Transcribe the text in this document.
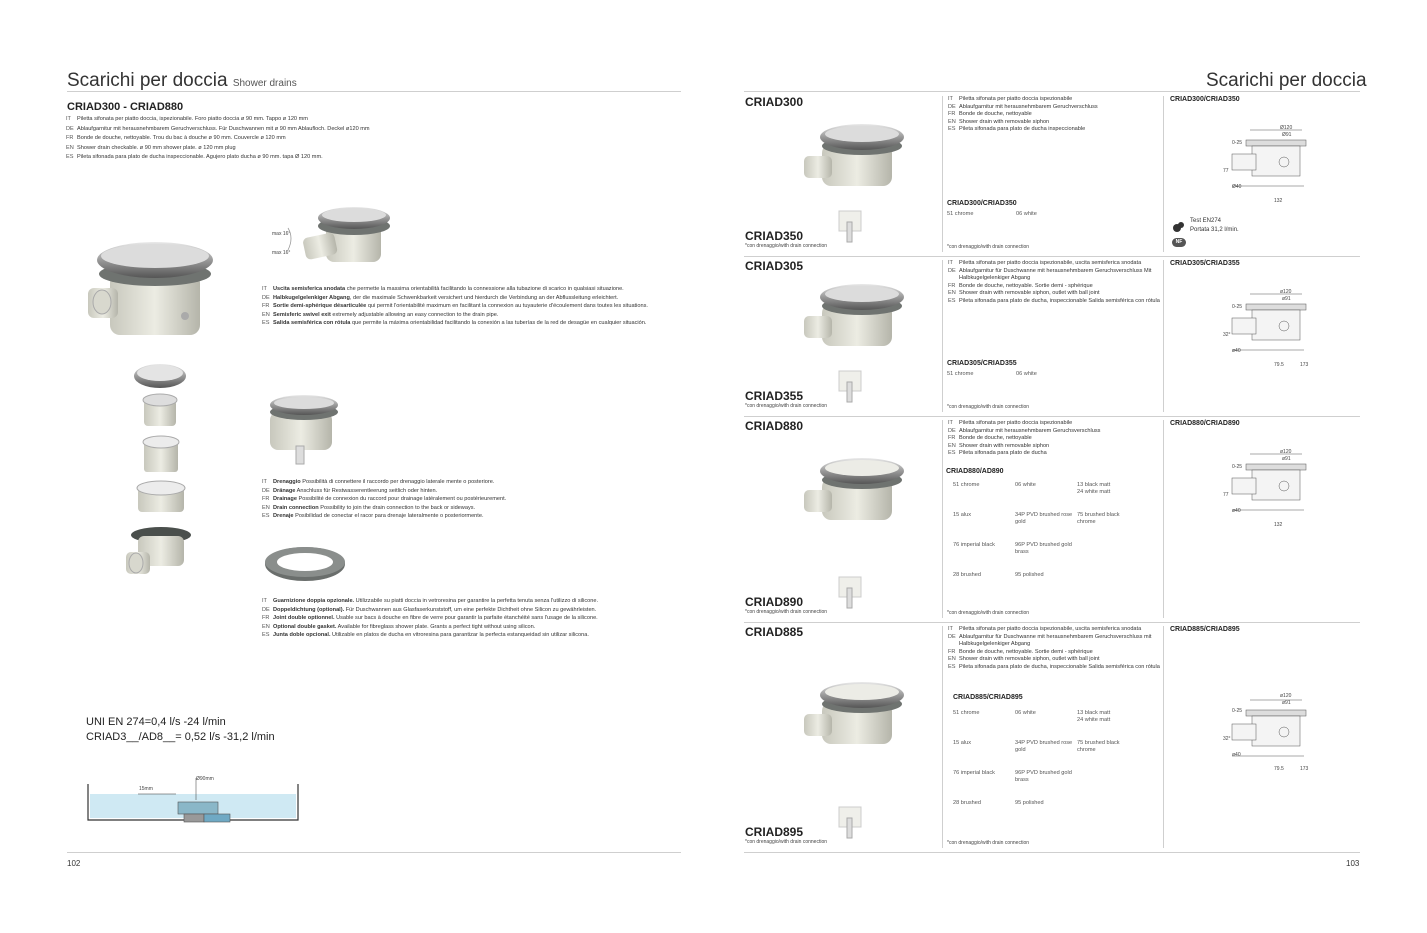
Scarichi per doccia Shower drains
CRIAD300 - CRIAD880
IT Piletta sifonata per piatto doccia, ispezionabile. Foro piatto doccia ø 90 mm. Tappo ø 120 mm
DE Ablaufgarnitur mit herausnehmbarem Geruchverschluss. Für Duschwannen mit ø 90 mm Ablaufloch. Deckel ø120 mm
FR Bonde de douche, nettoyable. Trou du bac à douche ø 90 mm. Couvercle ø 120 mm
EN Shower drain checkable. ø 90 mm shower plate. ø 120 mm plug
ES Pileta sifonada para plato de ducha inspeccionable. Agujero plato ducha ø 90 mm. tapa Ø 120 mm.
max 16°
max 16°
IT	Uscita semisferica snodata che permette la massima orientabilità facilitando la connessione alla tubazione di scarico in qualsiasi situazione.
DE Halbkugelgelenkiger Abgang, der die maximale Schwenkbarkeit versichert und hierdurch die Verbindung an der Abflussleitung erleichtert.
FR Sortie demi-sphérique désarticulée qui permit l'orientabilité maximum en facilitant la connexion au tuyauterie d'écoulement dans toutes les situations.
EN Semisferic swivel exit extremely adjustable allowing an easy connection to the drain pipe.
ES Salida semisférica con rótula que permite la máxima orientabilidad facilitando la conexión a las tuberías de la red de desagüe en cualquier situación.
IT	Drenaggio Possibilità di connettere il raccordo per drenaggio laterale mente o posteriore.
DE Dränage Anschluss für Restwasserentleerung seitlich oder hinten.
FR Drainage Possibilité de connexion du raccord pour drainage latéralement ou postérieurement.
EN Drain connection Possibility to join the drain connection to the back or sideways.
ES Drenaje Posibilidad de conectar el racor para drenaje lateralmente o posteriormente.
IT	Guarnizione doppia opzionale. Utilizzabile su piatti doccia in vetroresina per garantire la perfetta tenuta senza l'utilizzo di silicone.
DE Doppeldichtung (optional). Für Duschwannen aus Glasfaserkunststoff, um eine perfekte Dichtheit ohne Silicon zu gewährleisten.
FR Joint double optionnel. Usable sur bacs à douche en fibre de verre pour garantir la parfaite étanchéité sans l'usage de la silicone.
EN Optional double gasket. Available for fibreglass shower plate. Grants a perfect tight without using silicon.
ES Junta doble opcional. Utilizable en platos de ducha en vitroresina para garantizar la perfecta estanqueidad sin utilizar silicona.
UNI EN 274=0,4 l/s -24 l/min
CRIAD3__/AD8__= 0,52 l/s -31,2 l/min
15mm
Ø90mm
102
Scarichi per doccia
CRIAD300
CRIAD350
*con drenaggio/with drain connection
IT	Piletta sifonata per piatto doccia ispezionabile
DE Ablaufgarnitur mit herausnehmbarem Geruchverschluss
FR Bonde de douche, nettoyable
EN Shower drain with removable siphon
ES Pileta sifonada para plato de ducha inspeccionable
CRIAD300/CRIAD350
51 chrome	06 white
*con drenaggio/with drain connection
CRIAD300/CRIAD350
Ø120
Ø91
0-25
77
Ø40
132
Test EN274
Portata 31,2 l/min.
NF
CRIAD305
CRIAD355
*con drenaggio/with drain connection
IT	Piletta sifonata per piatto doccia ispezionabile, uscita semisferica snodata
DE Ablaufgarnitur für Duschwanne mit herausnehmbarem Geruchsverschluss Mit Halbkugelgelenkiger Abgang
FR Bonde de douche, nettoyable. Sortie demi - sphérique
EN Shower drain with removable siphon, outlet with ball joint
ES Pileta sifonada para plato de ducha, inspeccionable Salida semisférica con rótula
CRIAD305/CRIAD355
51 chrome	06 white
*con drenaggio/with drain connection
CRIAD305/CRIAD355
ø120
ø91
0-25
32°
ø40
79.5	173
CRIAD880
CRIAD890
*con drenaggio/with drain connection
IT	Piletta sifonata per piatto doccia ispezionabile
DE Ablaufgarnitur mit herausnehmbarem Geruchsverschluss
FR Bonde de douche, nettoyable
EN Shower drain with removable siphon
ES Pileta sifonada para plato de ducha
CRIAD880/AD890
51 chrome	06 white	13 black matt
24 white matt
15 alux	34P PVD brushed rose gold
75 brushed black chrome
76 imperial black	96P PVD brushed gold brass
28 brushed	95 polished
*con drenaggio/with drain connection
CRIAD880/CRIAD890
ø120
ø91
0-25
77
ø40
132
CRIAD885
CRIAD895
*con drenaggio/with drain connection
IT	Piletta sifonata per piatto doccia ispezionabile, uscita semisferica snodata
DE Ablaufgarnitur für Duschwanne mit herausnehmbarem Geruchsverschluss mit Halbkugelgelenkiger Abgang
FR Bonde de douche, nettoyable. Sortie demi - sphérique
EN Shower drain with removable siphon, outlet with ball joint
ES Pileta sifonada para plato de ducha, inspeccionable Salida semisférica con rótula
CRIAD885/CRIAD895
51 chrome	06 white	13 black matt
24 white matt
15 alux	34P PVD brushed rose gold
75 brushed black chrome
76 imperial black	96P PVD brushed gold brass
28 brushed	95 polished
*con drenaggio/with drain connection
CRIAD885/CRIAD895
ø120
ø91
0-25
32°
ø40
79.5	173
103
